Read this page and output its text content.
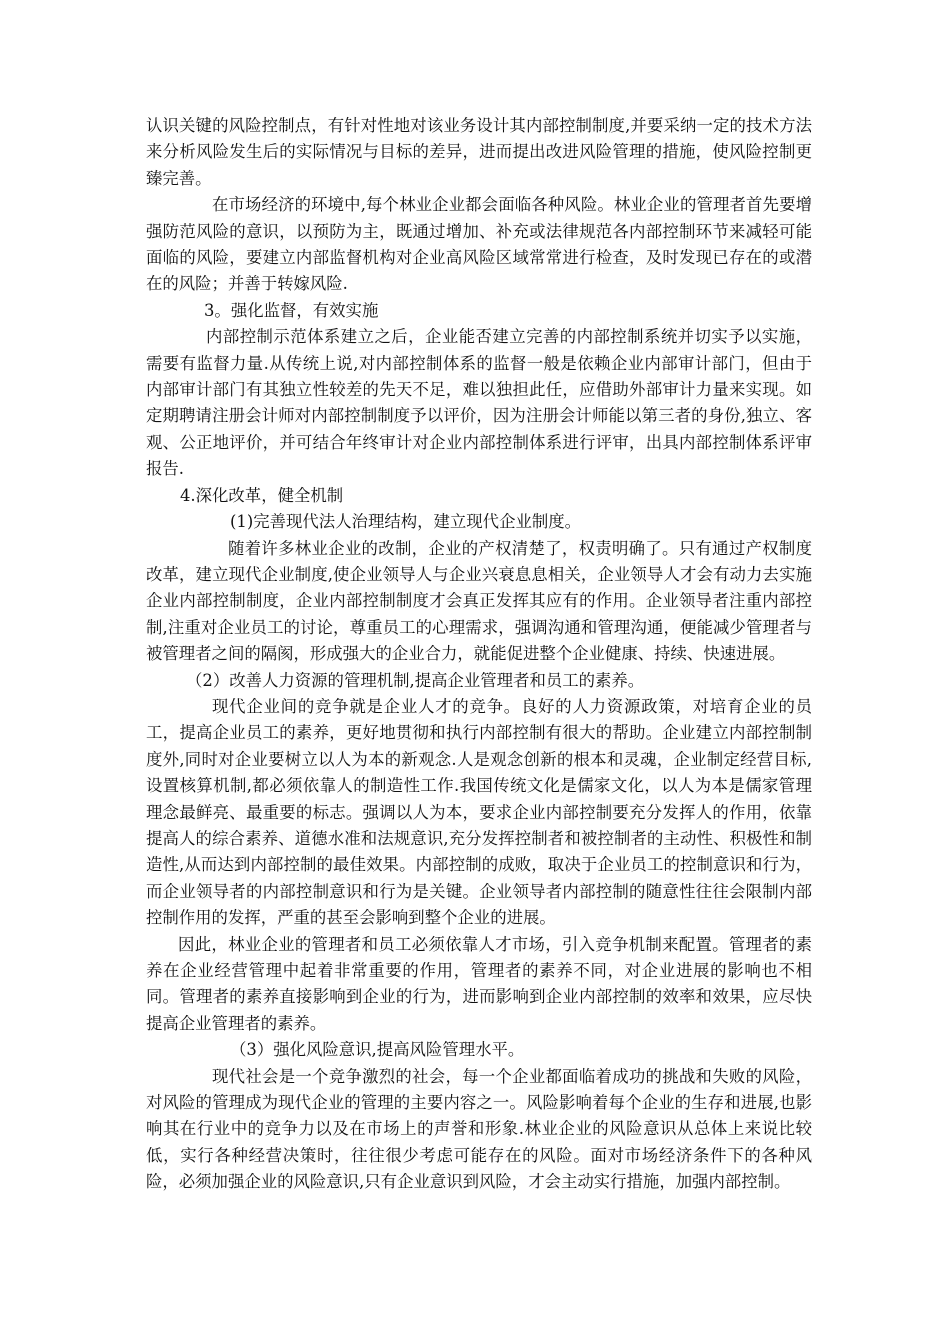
认识关键的风险控制点，有针对性地对该业务设计其内部控制制度,并要采纳一定的技术方法来分析风险发生后的实际情况与目标的差异，进而提出改进风险管理的措施，使风险控制更臻完善。

在市场经济的环境中,每个林业企业都会面临各种风险。林业企业的管理者首先要增强防范风险的意识，以预防为主，既通过增加、补充或法律规范各内部控制环节来减轻可能面临的风险，要建立内部监督机构对企业高风险区域常常进行检查，及时发现已存在的或潜在的风险；并善于转嫁风险.

3。强化监督，有效实施

内部控制示范体系建立之后，企业能否建立完善的内部控制系统并切实予以实施，需要有监督力量.从传统上说,对内部控制体系的监督一般是依赖企业内部审计部门，但由于内部审计部门有其独立性较差的先天不足，难以独担此任，应借助外部审计力量来实现。如定期聘请注册会计师对内部控制制度予以评价，因为注册会计师能以第三者的身份,独立、客观、公正地评价，并可结合年终审计对企业内部控制体系进行评审，出具内部控制体系评审报告.

4.深化改革，健全机制

(1)完善现代法人治理结构，建立现代企业制度。

随着许多林业企业的改制，企业的产权清楚了，权责明确了。只有通过产权制度改革，建立现代企业制度,使企业领导人与企业兴衰息息相关，企业领导人才会有动力去实施企业内部控制制度，企业内部控制制度才会真正发挥其应有的作用。企业领导者注重内部控制,注重对企业员工的讨论，尊重员工的心理需求，强调沟通和管理沟通，便能减少管理者与被管理者之间的隔阂，形成强大的企业合力，就能促进整个企业健康、持续、快速进展。

（2）改善人力资源的管理机制,提高企业管理者和员工的素养。

现代企业间的竞争就是企业人才的竞争。良好的人力资源政策，对培育企业的员工，提高企业员工的素养，更好地贯彻和执行内部控制有很大的帮助。企业建立内部控制制度外,同时对企业要树立以人为本的新观念.人是观念创新的根本和灵魂，企业制定经营目标,设置核算机制,都必须依靠人的制造性工作.我国传统文化是儒家文化，以人为本是儒家管理理念最鲜亮、最重要的标志。强调以人为本，要求企业内部控制要充分发挥人的作用，依靠提高人的综合素养、道德水准和法规意识,充分发挥控制者和被控制者的主动性、积极性和制造性,从而达到内部控制的最佳效果。内部控制的成败，取决于企业员工的控制意识和行为，而企业领导者的内部控制意识和行为是关键。企业领导者内部控制的随意性往往会限制内部控制作用的发挥，严重的甚至会影响到整个企业的进展。

因此，林业企业的管理者和员工必须依靠人才市场，引入竞争机制来配置。管理者的素养在企业经营管理中起着非常重要的作用，管理者的素养不同，对企业进展的影响也不相同。管理者的素养直接影响到企业的行为，进而影响到企业内部控制的效率和效果，应尽快提高企业管理者的素养。

（3）强化风险意识,提高风险管理水平。

现代社会是一个竞争激烈的社会，每一个企业都面临着成功的挑战和失败的风险，对风险的管理成为现代企业的管理的主要内容之一。风险影响着每个企业的生存和进展,也影响其在行业中的竞争力以及在市场上的声誉和形象.林业企业的风险意识从总体上来说比较低，实行各种经营决策时，往往很少考虑可能存在的风险。面对市场经济条件下的各种风险，必须加强企业的风险意识,只有企业意识到风险，才会主动实行措施，加强内部控制。
